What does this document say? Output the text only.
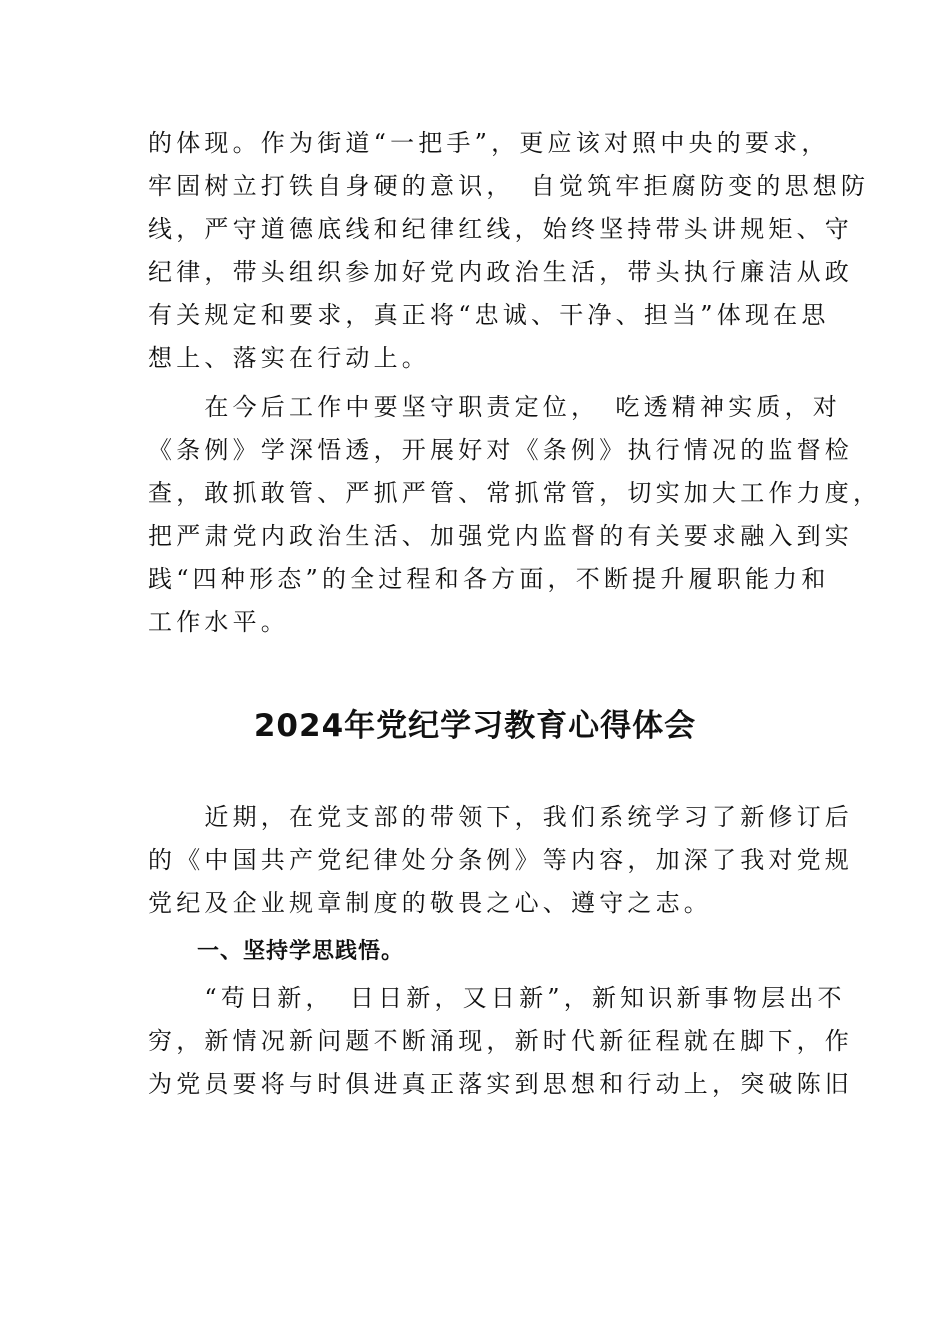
的体现。作为街道“一把手”，更应该对照中央的要求，
牢固树立打铁自身硬的意识，　自觉筑牢拒腐防变的思想防
线，严守道德底线和纪律红线，始终坚持带头讲规矩、守
纪律，带头组织参加好党内政治生活，带头执行廉洁从政
有关规定和要求，真正将“忠诚、干净、担当”体现在思
想上、落实在行动上。
　　在今后工作中要坚守职责定位，　吃透精神实质，对
《条例》学深悟透，开展好对《条例》执行情况的监督检
查，敢抓敢管、严抓严管、常抓常管，切实加大工作力度，
把严肃党内政治生活、加强党内监督的有关要求融入到实
践“四种形态”的全过程和各方面，不断提升履职能力和
工作水平。
2024年党纪学习教育心得体会
　　近期，在党支部的带领下，我们系统学习了新修订后
的《中国共产党纪律处分条例》等内容，加深了我对党规
党纪及企业规章制度的敬畏之心、遵守之志。
一、坚持学思践悟。
　　“苟日新，　日日新，又日新”，新知识新事物层出不
穷，新情况新问题不断涌现，新时代新征程就在脚下，作
为党员要将与时俱进真正落实到思想和行动上，突破陈旧
